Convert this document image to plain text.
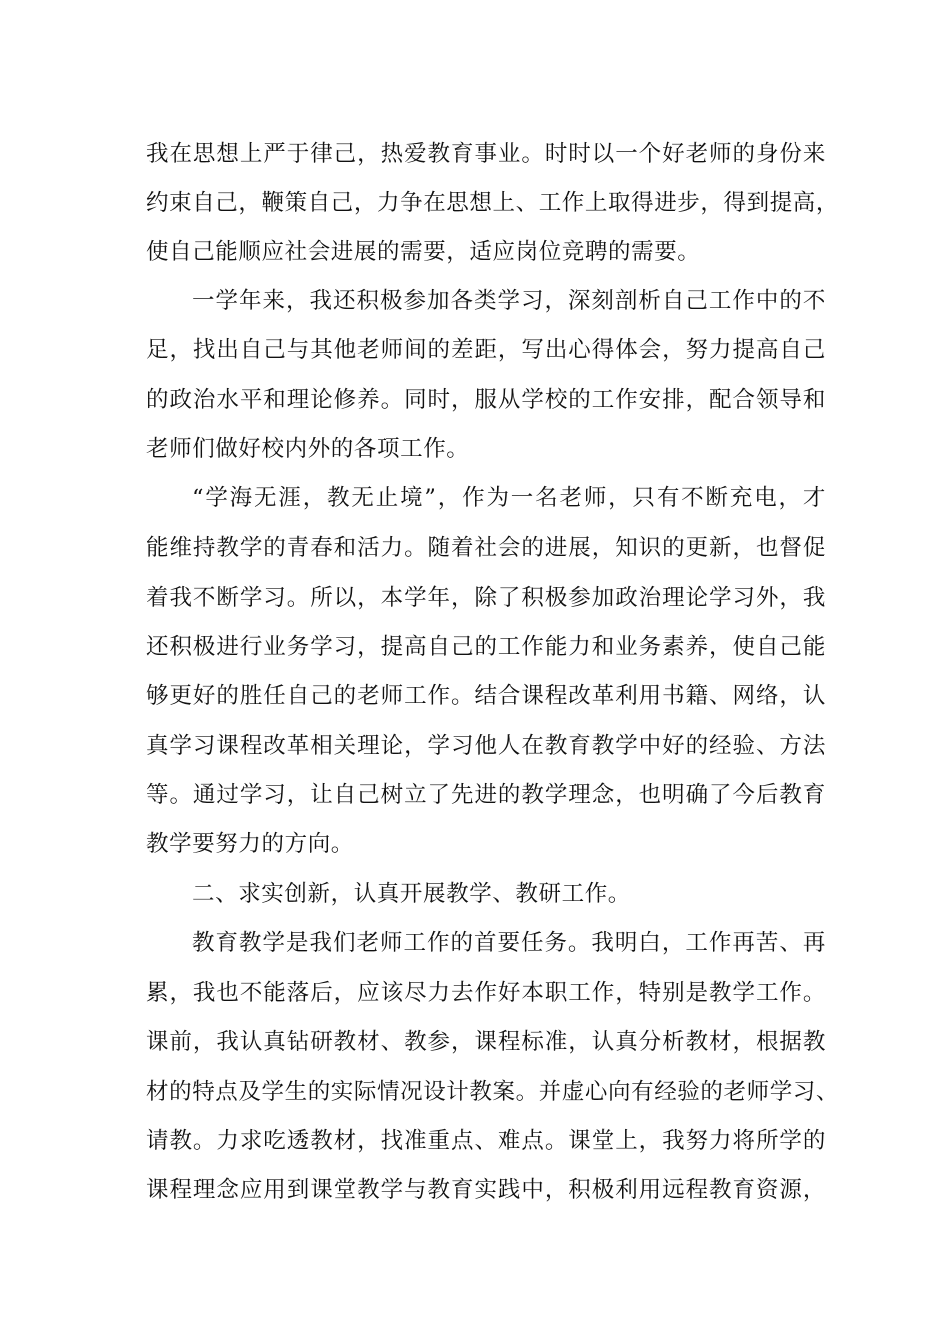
我在思想上严于律己，热爱教育事业。时时以一个好老师的身份来
约束自己，鞭策自己，力争在思想上、工作上取得进步，得到提高，
使自己能顺应社会进展的需要，适应岗位竞聘的需要。
一学年来，我还积极参加各类学习，深刻剖析自己工作中的不
足，找出自己与其他老师间的差距，写出心得体会，努力提高自己
的政治水平和理论修养。同时，服从学校的工作安排，配合领导和
老师们做好校内外的各项工作。
“学海无涯，教无止境”，作为一名老师，只有不断充电，才
能维持教学的青春和活力。随着社会的进展，知识的更新，也督促
着我不断学习。所以，本学年，除了积极参加政治理论学习外，我
还积极进行业务学习，提高自己的工作能力和业务素养，使自己能
够更好的胜任自己的老师工作。结合课程改革利用书籍、网络，认
真学习课程改革相关理论，学习他人在教育教学中好的经验、方法
等。通过学习，让自己树立了先进的教学理念，也明确了今后教育
教学要努力的方向。
二、求实创新，认真开展教学、教研工作。
教育教学是我们老师工作的首要任务。我明白，工作再苦、再
累，我也不能落后，应该尽力去作好本职工作，特别是教学工作。
课前，我认真钻研教材、教参，课程标准，认真分析教材，根据教
材的特点及学生的实际情况设计教案。并虚心向有经验的老师学习、
请教。力求吃透教材，找准重点、难点。课堂上，我努力将所学的
课程理念应用到课堂教学与教育实践中，积极利用远程教育资源，
